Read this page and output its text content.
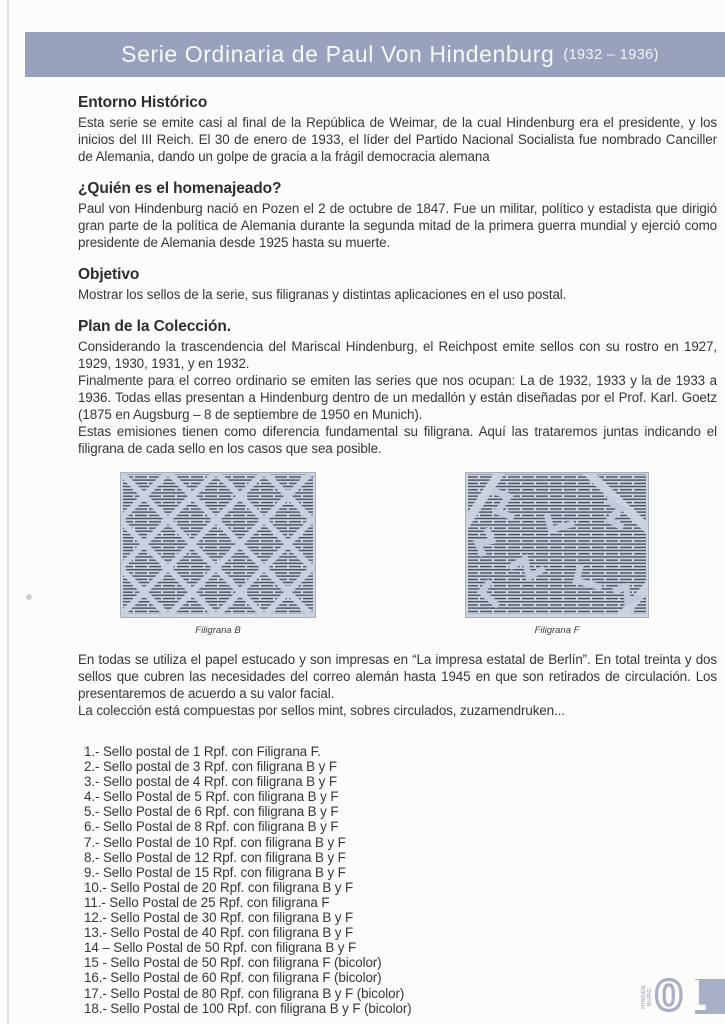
Serie Ordinaria de Paul Von Hindenburg (1932 – 1936)
Entorno Histórico

Esta serie se emite casi al final de la República de Weimar, de la cual Hindenburg era el presidente, y los inicios del III Reich. El 30 de enero de 1933, el líder del Partido Nacional Socialista fue nombrado Canciller de Alemania, dando un golpe de gracia a la frágil democracia alemana

¿Quién es el homenajeado?

Paul von Hindenburg nació en Pozen el 2 de octubre de 1847. Fue un militar, político y estadista que dirigió gran parte de la política de Alemania durante la segunda mitad de la primera guerra mundial y ejerció como presidente de Alemania desde 1925 hasta su muerte.

Objetivo

Mostrar los sellos de la serie, sus filigranas y distintas aplicaciones en el uso postal.

Plan de la Colección.

Considerando la trascendencia del Mariscal Hindenburg, el Reichpost emite sellos con su rostro en 1927, 1929, 1930, 1931, y en 1932.

Finalmente para el correo ordinario se emiten las series que nos ocupan: La de 1932, 1933 y la de 1933 a 1936. Todas ellas presentan a Hindenburg dentro de un medallón y están diseñadas por el Prof. Karl. Goetz (1875 en Augsburg – 8 de septiembre de 1950 en Munich).

Estas emisiones tienen como diferencia fundamental su filigrana. Aquí las trataremos juntas indicando el filigrana de cada sello en los casos que sea posible.

Filigrana B	Filigrana F

En todas se utiliza el papel estucado y son impresas en “La impresa estatal de Berlín”. En total treinta y dos sellos que cubren las necesidades del correo alemán hasta 1945 en que son retirados de circulación. Los presentaremos de acuerdo a su valor facial.

La colección está compuestas por sellos mint, sobres circulados, zuzamendruken...

1.- Sello postal de 1 Rpf. con Filigrana F.
2.- Sello postal de 3 Rpf. con filigrana B y F
3.- Sello postal de 4 Rpf. con filigrana B y F
4.- Sello Postal de 5 Rpf. con filigrana B y F
5.- Sello Postal de 6 Rpf. con filigrana B y F
6.- Sello Postal de 8 Rpf. con filigrana B y F
7.- Sello Postal de 10 Rpf. con filigrana B y F
8.- Sello Postal de 12 Rpf. con filigrana B y F
9.- Sello Postal de 15 Rpf. con filigrana B y F
10.- Sello Postal de 20 Rpf. con filigrana B y F
11.- Sello Postal de 25 Rpf. con filigrana F
12.- Sello Postal de 30 Rpf. con filigrana B y F
13.- Sello Postal de 40 Rpf. con filigrana B y F
14 – Sello Postal de 50 Rpf. con filigrana B y F
15 - Sello Postal de 50 Rpf. con filigrana F (bicolor)
16.- Sello Postal de 60 Rpf. con filigrana F (bicolor)
17.- Sello Postal de 80 Rpf. con filigrana B y F (bicolor)
18.- Sello Postal de 100 Rpf. con filigrana B y F (bicolor)	HINDEN BURG 0
1
